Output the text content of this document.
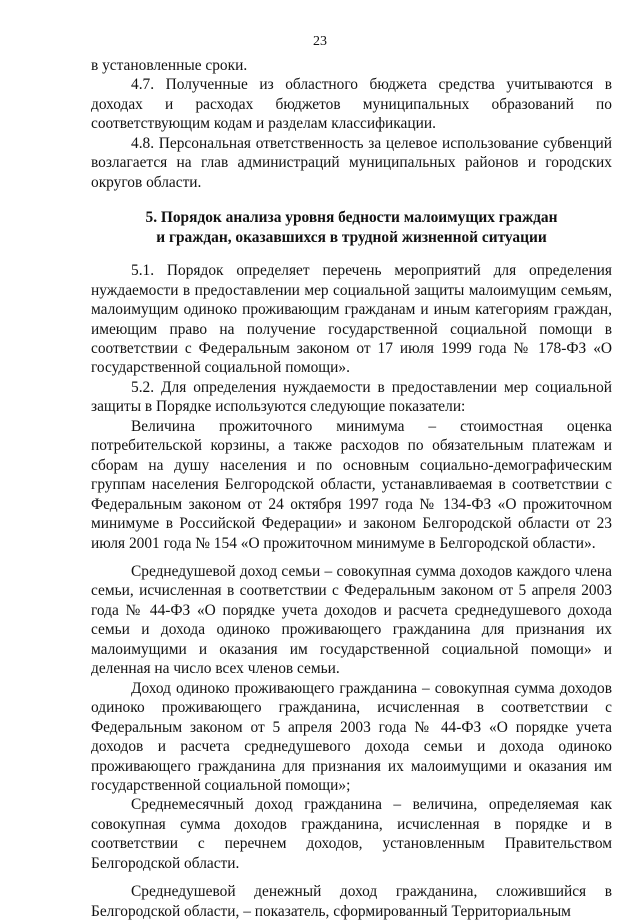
23

в установленные сроки.

4.7. Полученные из областного бюджета средства учитываются в доходах и расходах бюджетов муниципальных образований по соответствующим кодам и разделам классификации.

4.8. Персональная ответственность за целевое использование субвенций возлагается на глав администраций муниципальных районов и городских округов области.

5. Порядок анализа уровня бедности малоимущих граждан
и граждан, оказавшихся в трудной жизненной ситуации

5.1. Порядок определяет перечень мероприятий для определения нуждаемости в предоставлении мер социальной защиты малоимущим семьям, малоимущим одиноко проживающим гражданам и иным категориям граждан, имеющим право на получение государственной социальной помощи в соответствии с Федеральным законом от 17 июля 1999 года № 178-ФЗ «О государственной социальной помощи».

5.2. Для определения нуждаемости в предоставлении мер социальной защиты в Порядке используются следующие показатели:

Величина прожиточного минимума – стоимостная оценка потребительской корзины, а также расходов по обязательным платежам и сборам на душу населения и по основным социально-демографическим группам населения Белгородской области, устанавливаемая в соответствии с Федеральным законом от 24 октября 1997 года № 134-ФЗ «О прожиточном минимуме в Российской Федерации» и законом Белгородской области от 23 июля 2001 года № 154 «О прожиточном минимуме в Белгородской области».

Среднедушевой доход семьи – совокупная сумма доходов каждого члена семьи, исчисленная в соответствии с Федеральным законом от 5 апреля 2003 года № 44-ФЗ «О порядке учета доходов и расчета среднедушевого дохода семьи и дохода одиноко проживающего гражданина для признания их малоимущими и оказания им государственной социальной помощи» и деленная на число всех членов семьи.

Доход одиноко проживающего гражданина – совокупная сумма доходов одиноко проживающего гражданина, исчисленная в соответствии с Федеральным законом от 5 апреля 2003 года № 44-ФЗ «О порядке учета доходов и расчета среднедушевого дохода семьи и дохода одиноко проживающего гражданина для признания их малоимущими и оказания им государственной социальной помощи»;

Среднемесячный доход гражданина – величина, определяемая как совокупная сумма доходов гражданина, исчисленная в порядке и в соответствии с перечнем доходов, установленным Правительством Белгородской области.

Среднедушевой денежный доход гражданина, сложившийся в Белгородской области, – показатель, сформированный Территориальным
